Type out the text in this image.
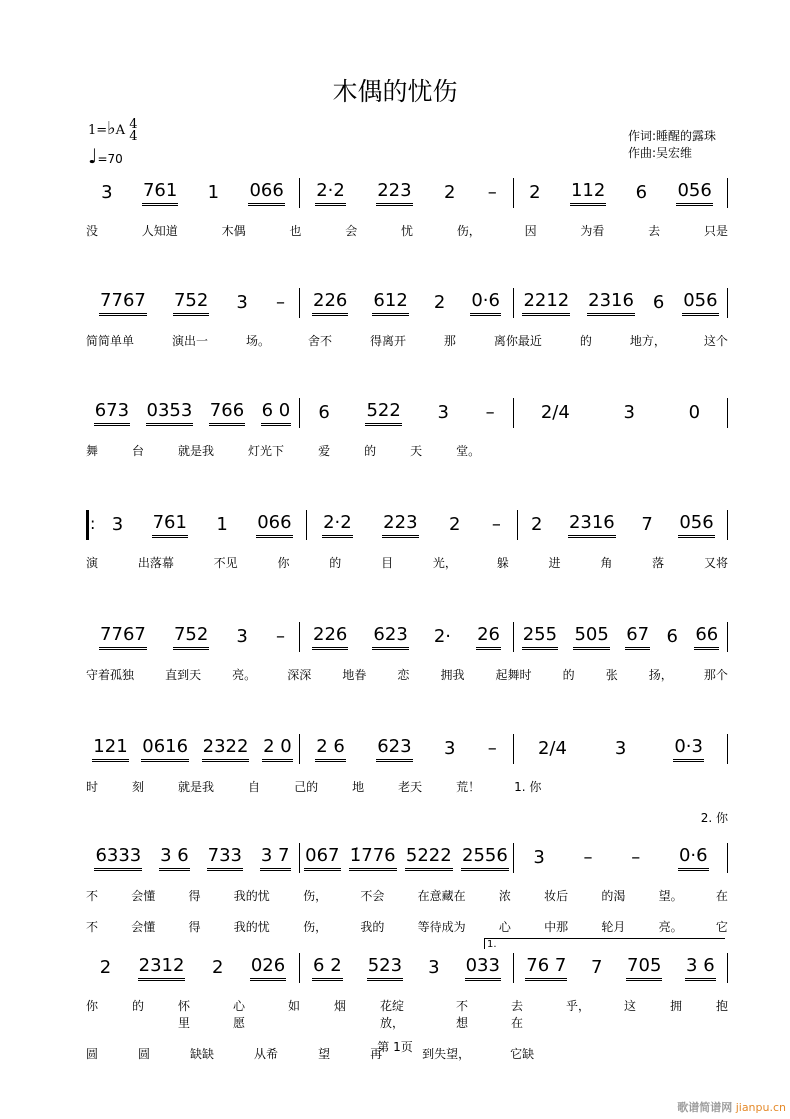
木偶的忧伤
1=♭A 4
4
♩=70
作词:睡醒的露珠
作曲:吴宏维
3 761 1 066 2·2 223 2 – 2 112 6 056
没	人知道	木偶	也	会	忧	伤，	因	为看	去	只是
7767 752 3 – 226 612 2 0·6 2212 2316 6 056
简简单单	演出一	场。	舍不	得离开	那	离你最近	的	地方，	这个
673 0353 766 6 0 6 522 3 –	2/4	3	0
舞	台	就是我	灯光下	爱	的	天	堂。
:
3 761 1 066 2·2 223 2 – 2 2316 7 056
演	出落幕	不见	你	的	目	光，	躲	进	角	落	又将
7767 752 3 – 226 623 2· 26 255 505 67 6 66
守着孤独	直到天	亮。	深深	地眷	恋	拥我	起舞时	的	张	扬，	那个
121 0616 2322 2 0 2 6 623 3 – 2/4	3	0·3
时	刻	就是我	自	己的	地	老天	荒！	1. 你
2. 你
6333 3 6 733 3 7 067 1̇776 5222 2556 3 – – 0·6
不	会懂	得	我的忧	伤，	不会	在意藏在	浓	妆后	的渴	望。	在
不	会懂	得	我的忧	伤，	我的	等待成为	心	中那	轮月	亮。	它
2 2312 2 026 6 2 523 3 033 76 7 7 705 3 6
你	的	怀里
心愿
如	烟	花绽放，
不想
去在
乎，	这	拥	抱
圆	圆	缺缺	从希	望	再	到失望，	它缺
1.
第 1页
歌谱简谱网 jianpu.cn
